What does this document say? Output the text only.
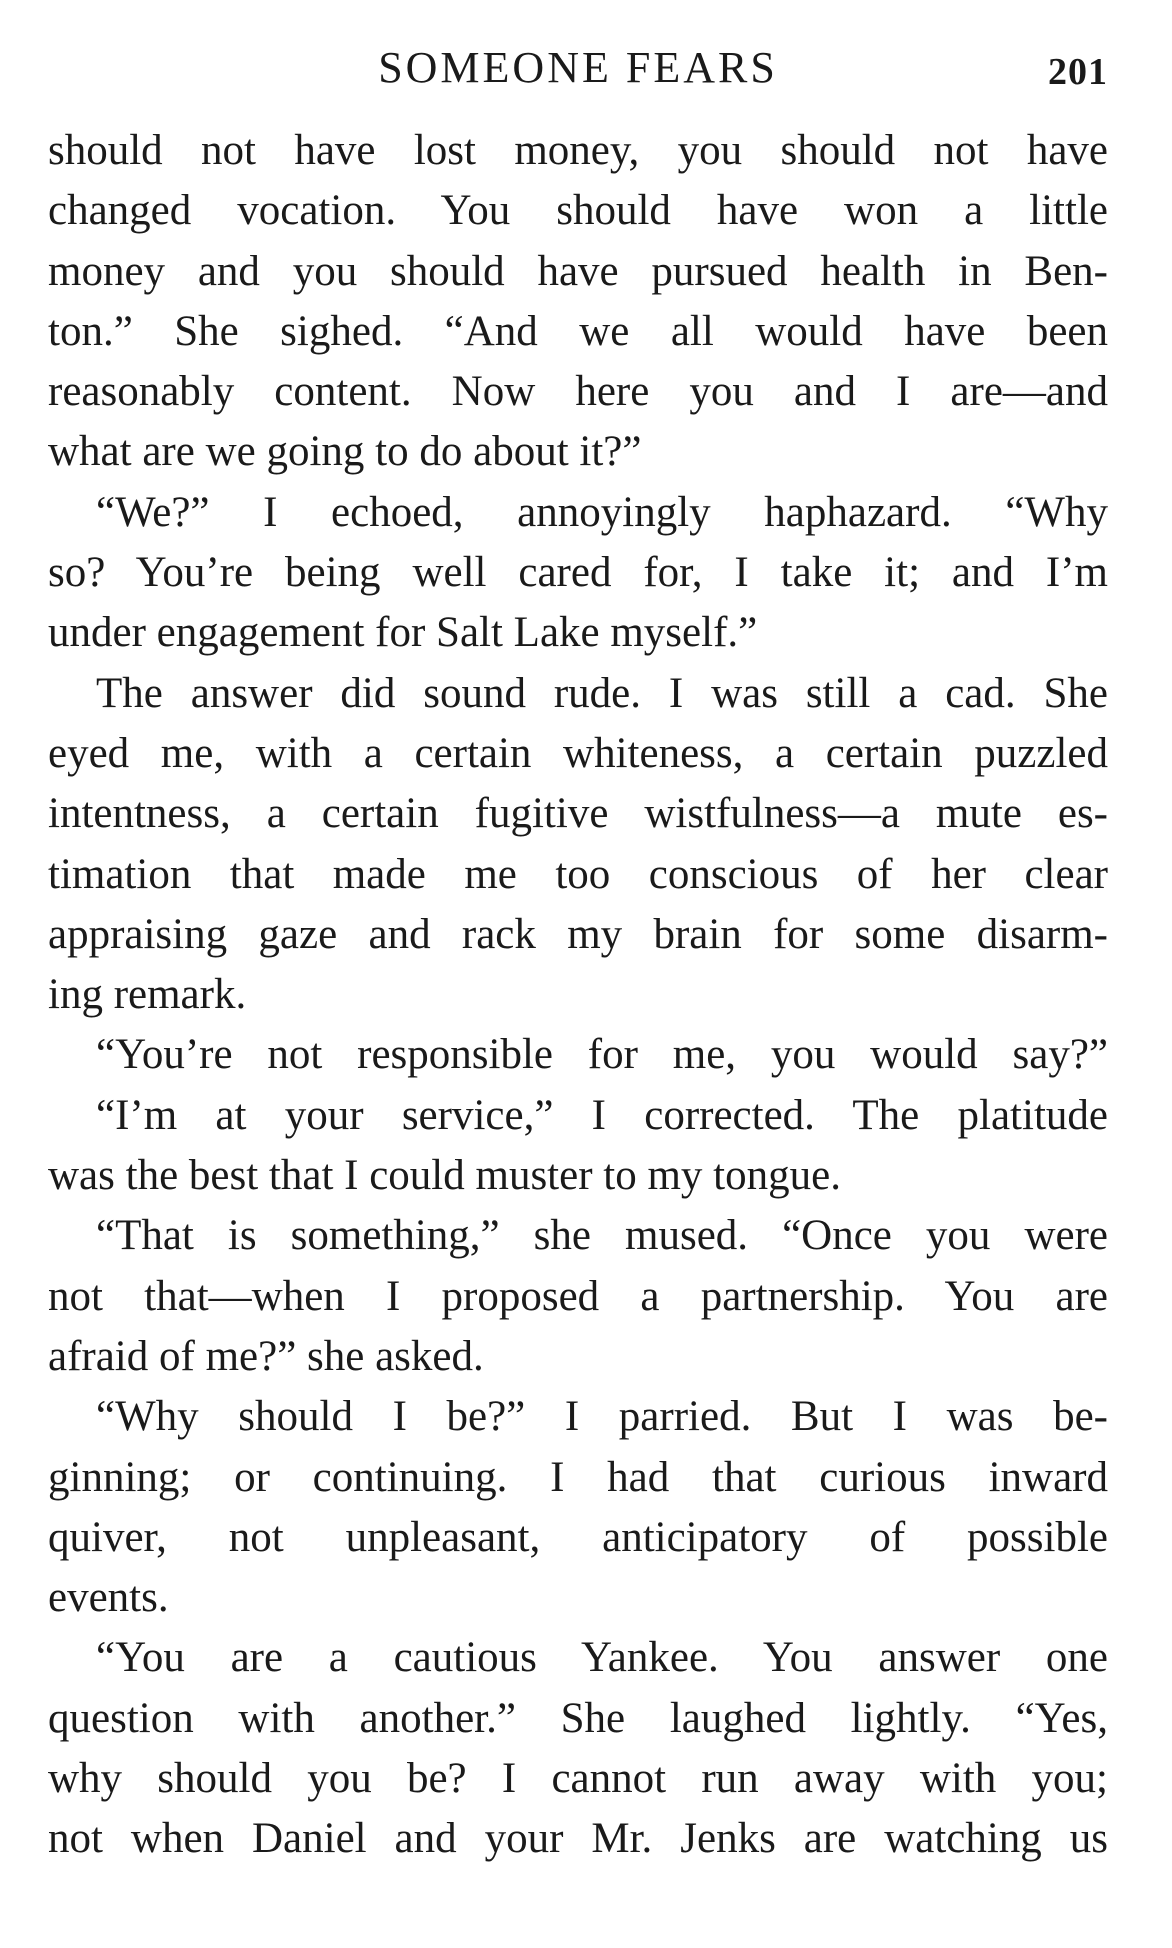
SOMEONE FEARS	201
should not have lost money, you should not have
changed vocation. You should have won a little
money and you should have pursued health in Ben-
ton.” She sighed. “And we all would have been
reasonably content. Now here you and I are—and
what are we going to do about it?”
“We?” I echoed, annoyingly haphazard. “Why
so? You’re being well cared for, I take it; and I’m
under engagement for Salt Lake myself.”
The answer did sound rude. I was still a cad. She
eyed me, with a certain whiteness, a certain puzzled
intentness, a certain fugitive wistfulness—a mute es-
timation that made me too conscious of her clear
appraising gaze and rack my brain for some disarm-
ing remark.
“You’re not responsible for me, you would say?”
“I’m at your service,” I corrected. The platitude
was the best that I could muster to my tongue.
“That is something,” she mused. “Once you were
not that—when I proposed a partnership. You are
afraid of me?” she asked.
“Why should I be?” I parried. But I was be-
ginning; or continuing. I had that curious inward
quiver, not unpleasant, anticipatory of possible
events.
“You are a cautious Yankee. You answer one
question with another.” She laughed lightly. “Yes,
why should you be? I cannot run away with you;
not when Daniel and your Mr. Jenks are watching us
